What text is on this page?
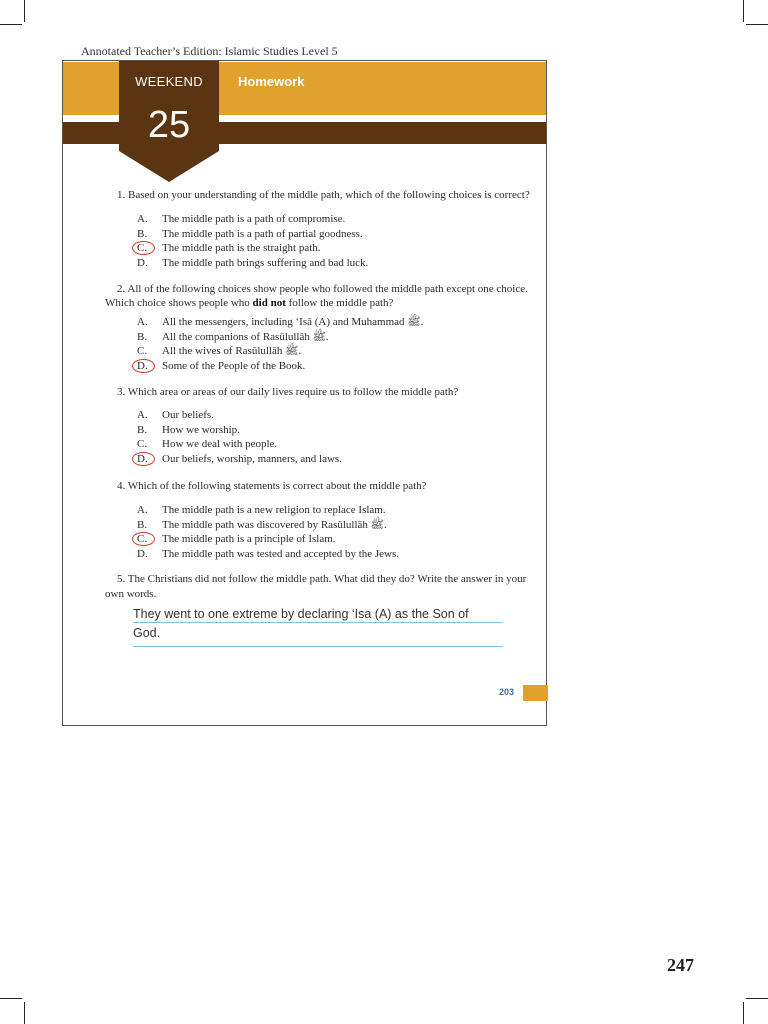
Annotated Teacher’s Edition: Islamic Studies Level 5
WEEKEND
25
Homework
1. Based on your understanding of the middle path, which of the following choices is correct?
A.	The middle path is a path of compromise.
B.	The middle path is a path of partial goodness.
C.	The middle path is the straight path.
D.	The middle path brings suffering and bad luck.
2. All of the following choices show people who followed the middle path except one choice.
Which choice shows people who did not follow the middle path?
A.	All the messengers, including ‘Isā (A) and Muhammad ﷺ.
B.	All the companions of Rasūlullāh ﷺ.
C.	All the wives of Rasūlullāh ﷺ.
D.	Some of the People of the Book.
3. Which area or areas of our daily lives require us to follow the middle path?
A.	Our beliefs.
B.	How we worship.
C.	How we deal with people.
D.	Our beliefs, worship, manners, and laws.
4. Which of the following statements is correct about the middle path?
A.	The middle path is a new religion to replace Islam.
B.	The middle path was discovered by Rasūlullāh ﷺ.
C.	The middle path is a principle of Islam.
D.	The middle path was tested and accepted by the Jews.
5. The Christians did not follow the middle path. What did they do? Write the answer in your
own words.
They went to one extreme by declaring ‘Isa (A) as the Son of
God.
203
247
